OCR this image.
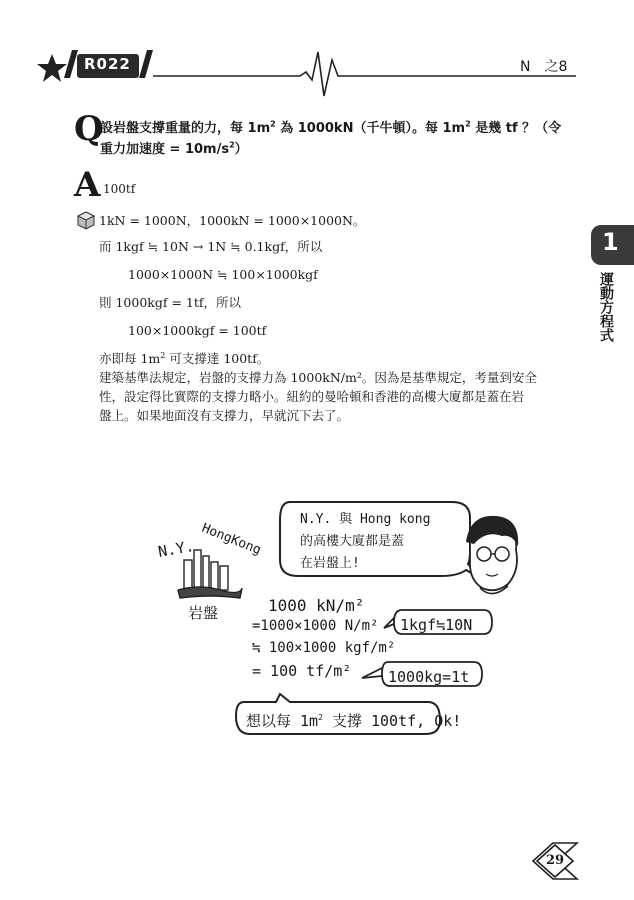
R022	N　之8
1
運動方程式
Q
設岩盤支撐重量的力，每 $1m^2$ 為 1000kN（千牛頓）。每 $1m^2$ 是幾 tf ？（令
重力加速度 = $10m/s^2$）
A 100tf
1kN = 1000N，1000kN = 1000×1000N。
而 1kgf ≒ 10N → 1N ≒ 0.1kgf，所以
1000×1000N ≒ 100×1000kgf
則 1000kgf = 1tf，所以
100×1000kgf = 100tf
亦即每 $1m^2$ 可支撐達 100tf。
建築基準法規定，岩盤的支撐力為 1000kN/m²。因為是基準規定，考量到安全
性，設定得比實際的支撐力略小。紐約的曼哈頓和香港的高樓大廈都是蓋在岩
盤上。如果地面沒有支撐力，早就沉下去了。
N.Y. 與 Hong kong
的高樓大廈都是蓋
在岩盤上!
N.Y. HongKong
岩盤	1000 kN/m²
=1000×1000 N/m²
≒ 100×1000 kgf/m²
= 100 tf/m²
1kgf≒10N
1000kg=1t
想以每 $1m^2$ 支撐 100tf, Ok!
29
